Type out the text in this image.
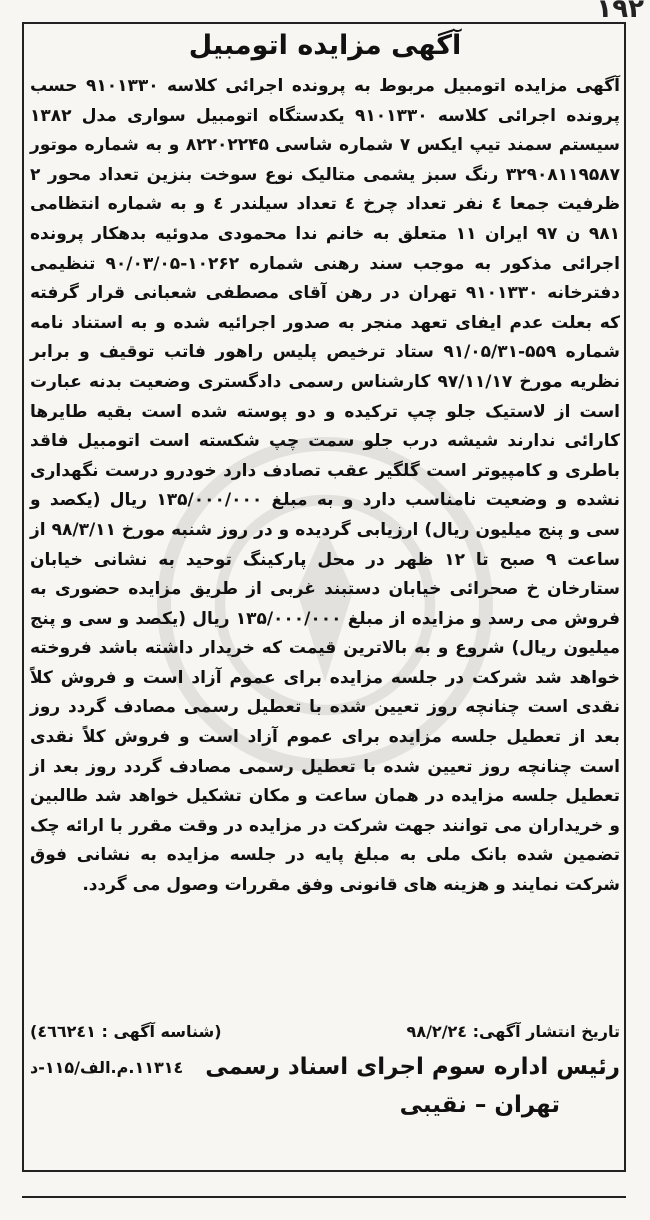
۱۹۲
آگهی مزایده اتومبیل

آگهی مزایده اتومبیل مربوط به پرونده اجرائی کلاسه ۹۱۰۱۳۳۰ حسب پرونده اجرائی کلاسه ۹۱۰۱۳۳۰ یکدستگاه اتومبیل سواری مدل ۱۳۸۲ سیستم سمند تیپ ایکس ۷ شماره شاسی ۸۲۲۰۲۲۴۵ و به شماره موتور ۳۲۹۰۸۱۱۹۵۸۷ رنگ سبز یشمی متالیک نوع سوخت بنزین تعداد محور ۲ ظرفیت جمعا ٤ نفر تعداد چرخ ٤ تعداد سیلندر ٤ و به شماره انتظامی ۹۸۱ ن ۹۷ ایران ۱۱ متعلق به خانم ندا محمودی مدوئیه بدهکار پرونده اجرائی مذکور به موجب سند رهنی شماره ۱۰۲۶۲-۹۰/۰۳/۰۵ تنظیمی دفترخانه ۹۱۰۱۳۳۰ تهران در رهن آقای مصطفی شعبانی قرار گرفته که بعلت عدم ایفای تعهد منجر به صدور اجرائیه شده و به استناد نامه شماره ۵۵۹-۹۱/۰۵/۳۱ ستاد ترخیص پلیس راهور فاتب توقیف و برابر نظریه مورخ ۹۷/۱۱/۱۷ کارشناس رسمی دادگستری وضعیت بدنه عبارت است از لاستیک جلو چپ ترکیده و دو پوسته شده است بقیه طایرها کارائی ندارند شیشه درب جلو سمت چپ شکسته است اتومبیل فاقد باطری و کامپیوتر است گلگیر عقب تصادف دارد خودرو درست نگهداری نشده و وضعیت نامناسب دارد و به مبلغ ۱۳۵/۰۰۰/۰۰۰ ریال (یکصد و سی و پنج میلیون ریال) ارزیابی گردیده و در روز شنبه مورخ ۹۸/۳/۱۱ از ساعت ۹ صبح تا ۱۲ ظهر در محل پارکینگ توحید به نشانی خیابان ستارخان خ صحرائی خیابان دستبند غربی از طریق مزایده حضوری به فروش می رسد و مزایده از مبلغ ۱۳۵/۰۰۰/۰۰۰ ریال (یکصد و سی و پنج میلیون ریال) شروع و به بالاترین قیمت که خریدار داشته باشد فروخته خواهد شد شرکت در جلسه مزایده برای عموم آزاد است و فروش کلاً نقدی است چنانچه روز تعیین شده با تعطیل رسمی مصادف گردد روز بعد از تعطیل جلسه مزایده برای عموم آزاد است و فروش کلاً نقدی است چنانچه روز تعیین شده با تعطیل رسمی مصادف گردد روز بعد از تعطیل جلسه مزایده در همان ساعت و مکان تشکیل خواهد شد طالبین و خریداران می توانند جهت شرکت در مزایده در وقت مقرر با ارائه چک تضمین شده بانک ملی به مبلغ پایه در جلسه مزایده به نشانی فوق شرکت نمایند و هزینه های قانونی وفق مقررات وصول می گردد.

تاریخ انتشار آگهی: ۹۸/۲/۲٤
(شناسه آگهی : ٤٦٦٢٤۱)
۱۱۳۱٤.م.الف/۱۱۵-د رئیس اداره سوم اجرای اسناد رسمی
تهران – نقیبی
